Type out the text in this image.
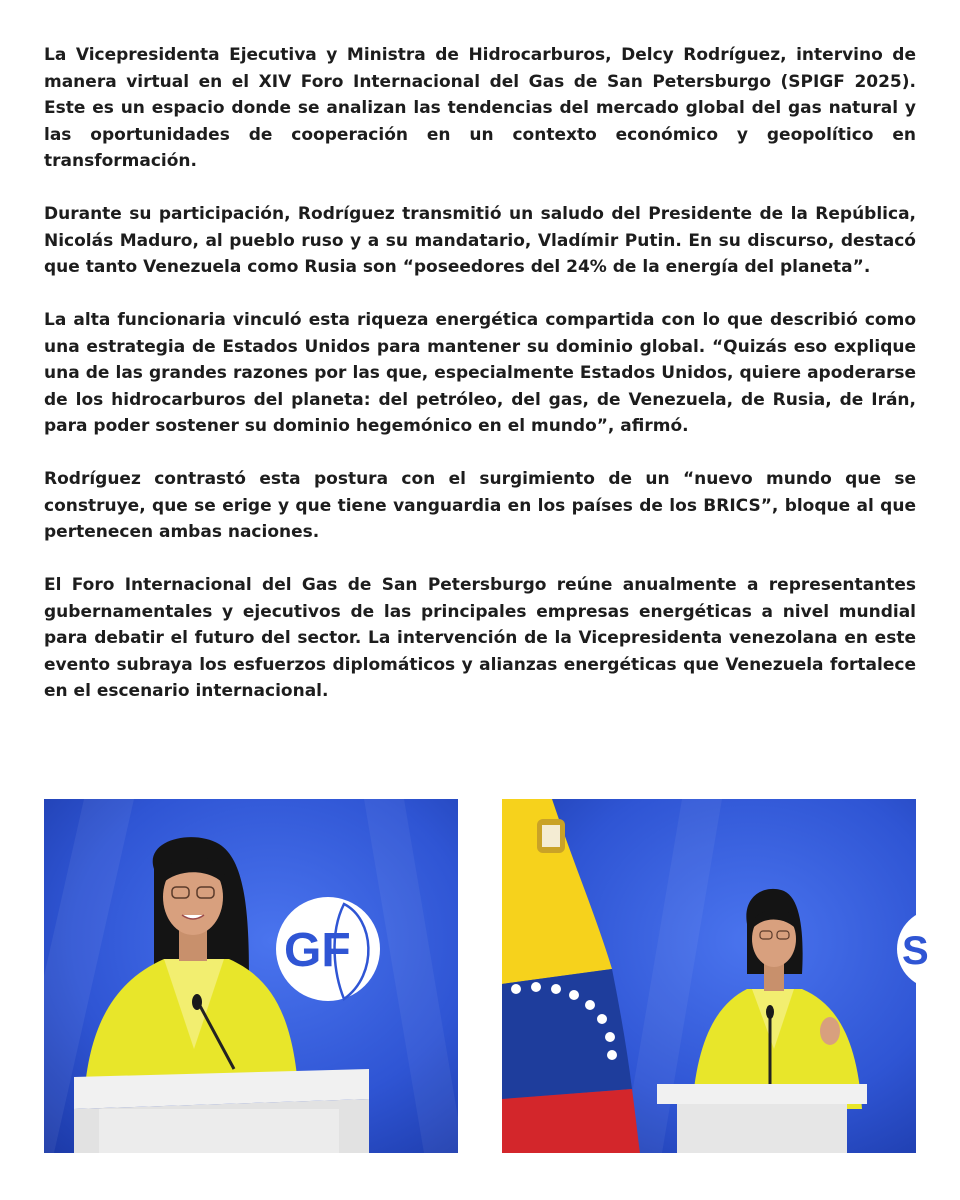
La Vicepresidenta Ejecutiva y Ministra de Hidrocarburos, Delcy Rodríguez, intervino de manera virtual en el XIV Foro Internacional del Gas de San Petersburgo (SPIGF 2025). Este es un espacio donde se analizan las tendencias del mercado global del gas natural y las oportunidades de cooperación en un contexto económico y geopolítico en transformación.

Durante su participación, Rodríguez transmitió un saludo del Presidente de la República, Nicolás Maduro, al pueblo ruso y a su mandatario, Vladímir Putin. En su discurso, destacó que tanto Venezuela como Rusia son “poseedores del 24% de la energía del planeta”.

La alta funcionaria vinculó esta riqueza energética compartida con lo que describió como una estrategia de Estados Unidos para mantener su dominio global. “Quizás eso explique una de las grandes razones por las que, especialmente Estados Unidos, quiere apoderarse de los hidrocarburos del planeta: del petróleo, del gas, de Venezuela, de Rusia, de Irán, para poder sostener su dominio hegemónico en el mundo”, afirmó.

Rodríguez contrastó esta postura con el surgimiento de un “nuevo mundo que se construye, que se erige y que tiene vanguardia en los países de los BRICS”, bloque al que pertenecen ambas naciones.

El Foro Internacional del Gas de San Petersburgo reúne anualmente a representantes gubernamentales y ejecutivos de las principales empresas energéticas a nivel mundial para debatir el futuro del sector. La intervención de la Vicepresidenta venezolana en este evento subraya los esfuerzos diplomáticos y alianzas energéticas que Venezuela fortalece en el escenario internacional.

GF	S
